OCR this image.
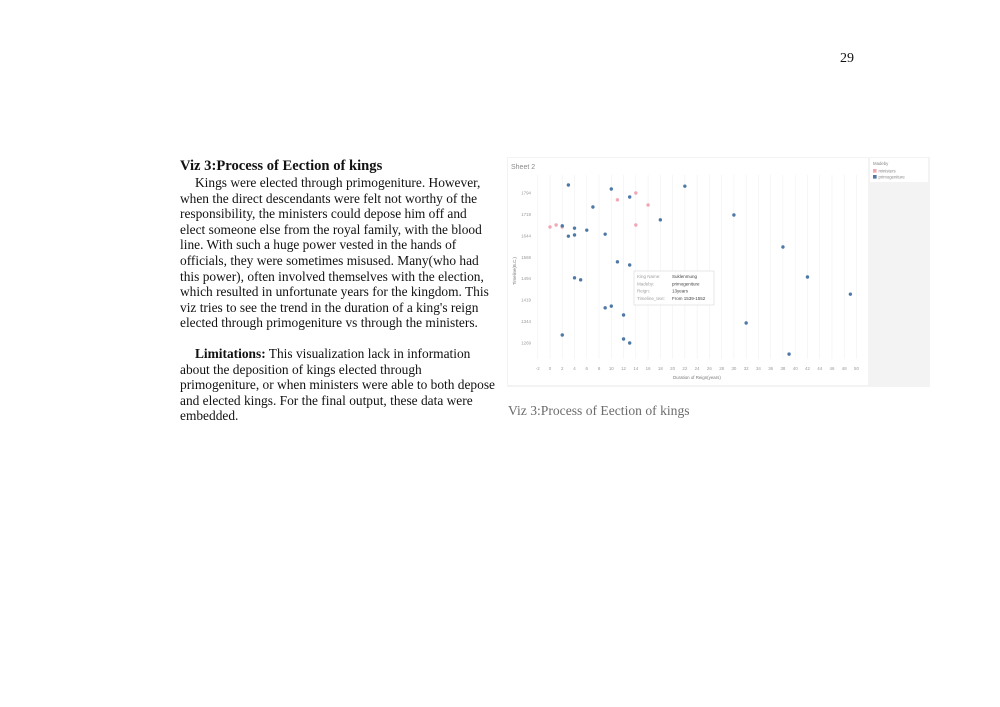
29
Viz 3:Process of Eection of kings

Kings were elected through primogeniture. However, when the direct descendants were felt not worthy of the responsibility, the ministers could depose him off and elect someone else from the royal family, with the blood line. With such a huge power vested in the hands of officials, they were sometimes misused. Many(who had this power), often involved themselves with the election, which resulted in unfortunate years for the kingdom. This viz tries to see the trend in the duration of a king's reign elected through primogeniture vs through the ministers.

Limitations: This visualization lack in information about the deposition of kings elected through primogeniture, or when ministers were able to both depose and elected kings. For the final output, these data were embedded.

Sheet 2
-2 0 2 4 6 8 10 12 14 16 18 20 22 24 26 28 30 32 34 36 38 40 42 44 46 48 50
1269
1344
1419
1494
1569
1644
1719
1794
Duration of Reign(years)
Timeline(B.C.)	King Name:	Suklenmung
Madeby:	primogeniture
Reign:	13years
Timeline_text: From 1539-1552
Madeby
ministers
primogeniture
Viz 3:Process of Eection of kings
